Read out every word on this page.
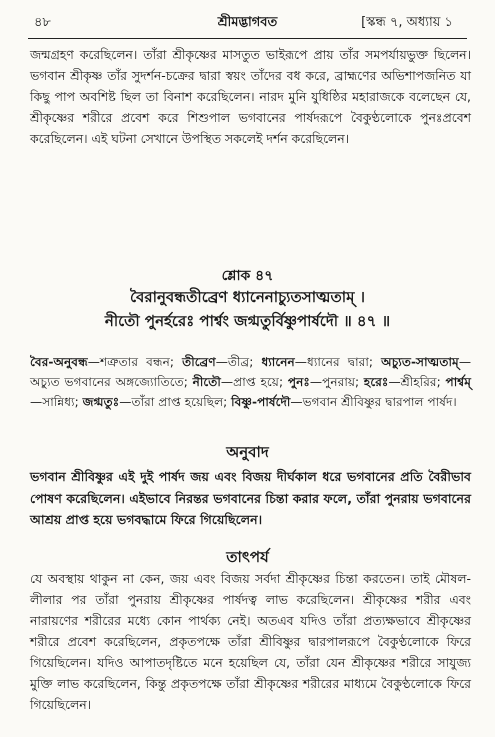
৪৮	শ্রীমদ্ভাগবত	[স্কন্ধ ৭, অধ্যায় ১

জন্মগ্রহণ করেছিলেন। তাঁরা শ্রীকৃষ্ণের মাসতুত ভাইরূপে প্রায় তাঁর সমপর্যায়ভুক্ত ছিলেন। ভগবান শ্রীকৃষ্ণ তাঁর সুদর্শন-চক্রের দ্বারা স্বয়ং তাঁদের বধ করে, ব্রাহ্মণের অভিশাপজনিত যা কিছু পাপ অবশিষ্ট ছিল তা বিনাশ করেছিলেন। নারদ মুনি যুধিষ্ঠির মহারাজকে বলেছেন যে, শ্রীকৃষ্ণের শরীরে প্রবেশ করে শিশুপাল ভগবানের পার্ষদরূপে বৈকুণ্ঠলোকে পুনঃপ্রবেশ করেছিলেন। এই ঘটনা সেখানে উপস্থিত সকলেই দর্শন করেছিলেন।

শ্লোক ৪৭
বৈরানুবন্ধতীব্রেণ ধ্যানেনাচ্যুতসাত্মতাম্ ।
নীতৌ পুনর্হরেঃ পার্শ্বং জগ্মতুর্বিষ্ণুপার্ষদৌ ॥ ৪৭ ॥

বৈর-অনুবন্ধ—শত্রুতার বন্ধন; তীব্রেণ—তীব্র; ধ্যানেন—ধ্যানের দ্বারা; অচ্যুত-সাত্মতাম্—অচ্যুত ভগবানের অঙ্গজ্যোতিতে; নীতৌ—প্রাপ্ত হয়ে; পুনঃ—পুনরায়; হরেঃ—শ্রীহরির; পার্শ্বম্—সান্নিধ্য; জগ্মতুঃ—তাঁরা প্রাপ্ত হয়েছিল; বিষ্ণু-পার্ষদৌ—ভগবান শ্রীবিষ্ণুর দ্বারপাল পার্ষদ।

অনুবাদ

ভগবান শ্রীবিষ্ণুর এই দুই পার্ষদ জয় এবং বিজয় দীর্ঘকাল ধরে ভগবানের প্রতি বৈরীভাব পোষণ করেছিলেন। এইভাবে নিরন্তর ভগবানের চিন্তা করার ফলে, তাঁরা পুনরায় ভগবানের আশ্রয় প্রাপ্ত হয়ে ভগবদ্ধামে ফিরে গিয়েছিলেন।

তাৎপর্য

যে অবস্থায় থাকুন না কেন, জয় এবং বিজয় সর্বদা শ্রীকৃষ্ণের চিন্তা করতেন। তাই মৌষল-লীলার পর তাঁরা পুনরায় শ্রীকৃষ্ণের পার্ষদত্ব লাভ করেছিলেন। শ্রীকৃষ্ণের শরীর এবং নারায়ণের শরীরের মধ্যে কোন পার্থক্য নেই। অতএব যদিও তাঁরা প্রত্যক্ষভাবে শ্রীকৃষ্ণের শরীরে প্রবেশ করেছিলেন, প্রকৃতপক্ষে তাঁরা শ্রীবিষ্ণুর দ্বারপালরূপে বৈকুণ্ঠলোকে ফিরে গিয়েছিলেন। যদিও আপাতদৃষ্টিতে মনে হয়েছিল যে, তাঁরা যেন শ্রীকৃষ্ণের শরীরে সাযুজ্য মুক্তি লাভ করেছিলেন, কিন্তু প্রকৃতপক্ষে তাঁরা শ্রীকৃষ্ণের শরীরের মাধ্যমে বৈকুণ্ঠলোকে ফিরে গিয়েছিলেন।
